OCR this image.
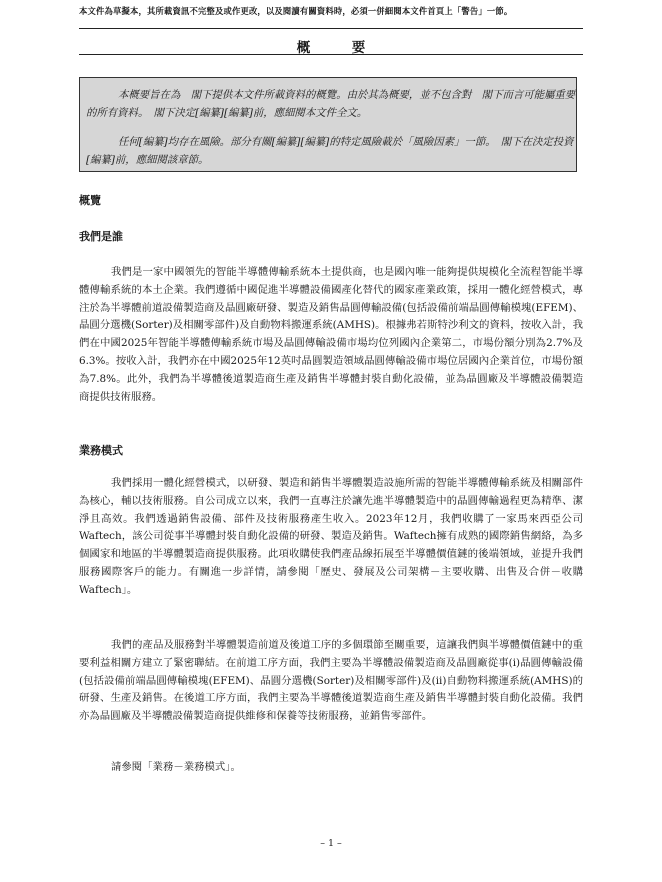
本文件為草擬本，其所載資訊不完整及或作更改，以及閱讀有關資料時，必須一併細閱本文件首頁上「警告」一節。
概　要

本概要旨在為　閣下提供本文件所載資料的概覽。由於其為概要，並不包含對　閣下而言可能屬重要的所有資料。　閣下決定[編纂][編纂]前，應細閱本文件全文。

任何[編纂]均存在風險。部分有關[編纂][編纂]的特定風險載於「風險因素」一節。　閣下在決定投資[編纂]前，應細閱該章節。

概覽
我們是誰

我們是一家中國領先的智能半導體傳輸系統本土提供商，也是國內唯一能夠提供規模化全流程智能半導體傳輸系統的本土企業。我們遵循中國促進半導體設備國產化替代的國家產業政策，採用一體化經營模式，專注於為半導體前道設備製造商及晶圓廠研發、製造及銷售晶圓傳輸設備(包括設備前端晶圓傳輸模塊(EFEM)、晶圓分選機(Sorter)及相關零部件)及自動物料搬運系統(AMHS)。根據弗若斯特沙利文的資料，按收入計，我們在中國2025年智能半導體傳輸系統市場及晶圓傳輸設備市場均位列國內企業第二，市場份額分別為2.7%及6.3%。按收入計，我們亦在中國2025年12英吋晶圓製造領域晶圓傳輸設備市場位居國內企業首位，市場份額為7.8%。此外，我們為半導體後道製造商生產及銷售半導體封裝自動化設備，並為晶圓廠及半導體設備製造商提供技術服務。

業務模式

我們採用一體化經營模式，以研發、製造和銷售半導體製造設施所需的智能半導體傳輸系統及相關部件為核心，輔以技術服務。自公司成立以來，我們一直專注於讓先進半導體製造中的晶圓傳輸過程更為精準、潔淨且高效。我們透過銷售設備、部件及技術服務產生收入。2023年12月，我們收購了一家馬來西亞公司Waftech，該公司從事半導體封裝自動化設備的研發、製造及銷售。Waftech擁有成熟的國際銷售網絡，為多個國家和地區的半導體製造商提供服務。此項收購使我們產品線拓展至半導體價值鏈的後端領域，並提升我們服務國際客戶的能力。有關進一步詳情，請參閱「歷史、發展及公司架構－主要收購、出售及合併－收購Waftech」。

我們的產品及服務對半導體製造前道及後道工序的多個環節至關重要，這讓我們與半導體價值鏈中的重要利益相關方建立了緊密聯結。在前道工序方面，我們主要為半導體設備製造商及晶圓廠從事(i)晶圓傳輸設備(包括設備前端晶圓傳輸模塊(EFEM)、晶圓分選機(Sorter)及相關零部件)及(ii)自動物料搬運系統(AMHS)的研發、生產及銷售。在後道工序方面，我們主要為半導體後道製造商生產及銷售半導體封裝自動化設備。我們亦為晶圓廠及半導體設備製造商提供維修和保養等技術服務，並銷售零部件。

請參閱「業務－業務模式」。

– 1 –
